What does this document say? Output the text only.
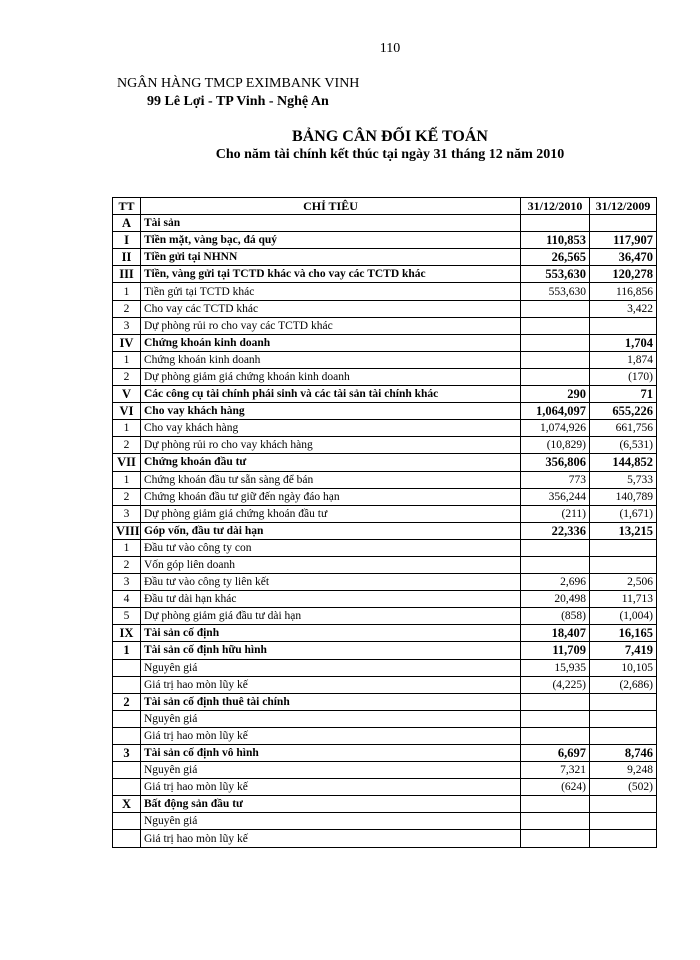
110
NGÂN HÀNG TMCP EXIMBANK VINH
99 Lê Lợi - TP Vinh - Nghệ An
BẢNG CÂN ĐỐI KẾ TOÁN
Cho năm tài chính kết thúc tại ngày 31 tháng 12 năm 2010
TT	CHỈ TIÊU	31/12/2010	31/12/2009
A	Tài sản		
I	Tiền mặt, vàng bạc, đá quý	110,853	117,907
II	Tiền gửi tại NHNN	26,565	36,470
III	Tiền, vàng gửi tại TCTD khác và cho vay các TCTD khác	553,630	120,278
1	Tiền gửi tại TCTD khác	553,630	116,856
2	Cho vay các TCTD khác		3,422
3	Dự phòng rủi ro cho vay các TCTD khác		
IV	Chứng khoán kinh doanh		1,704
1	Chứng khoán kinh doanh		1,874
2	Dự phòng giảm giá chứng khoán kinh doanh		(170)
V	Các công cụ tài chính phái sinh và các tài sản tài chính khác	290	71
VI	Cho vay khách hàng	1,064,097	655,226
1	Cho vay khách hàng	1,074,926	661,756
2	Dự phòng rủi ro cho vay khách hàng	(10,829)	(6,531)
VII	Chứng khoán đầu tư	356,806	144,852
1	Chứng khoán đầu tư sẵn sàng để bán	773	5,733
2	Chứng khoán đầu tư giữ đến ngày đáo hạn	356,244	140,789
3	Dự phòng giảm giá chứng khoán đầu tư	(211)	(1,671)
VIII	Góp vốn, đầu tư dài hạn	22,336	13,215
1	Đầu tư vào công ty con		
2	Vốn góp liên doanh		
3	Đầu tư vào công ty liên kết	2,696	2,506
4	Đầu tư dài hạn khác	20,498	11,713
5	Dự phòng giảm giá đầu tư dài hạn	(858)	(1,004)
IX	Tài sản cố định	18,407	16,165
1	Tài sản cố định hữu hình	11,709	7,419
	Nguyên giá	15,935	10,105
	Giá trị hao mòn lũy kế	(4,225)	(2,686)
2	Tài sản cố định thuê tài chính		
	Nguyên giá		
	Giá trị hao mòn lũy kế		
3	Tài sản cố định vô hình	6,697	8,746
	Nguyên giá	7,321	9,248
	Giá trị hao mòn lũy kế	(624)	(502)
X	Bất động sản đầu tư		
	Nguyên giá		
	Giá trị hao mòn lũy kế		
